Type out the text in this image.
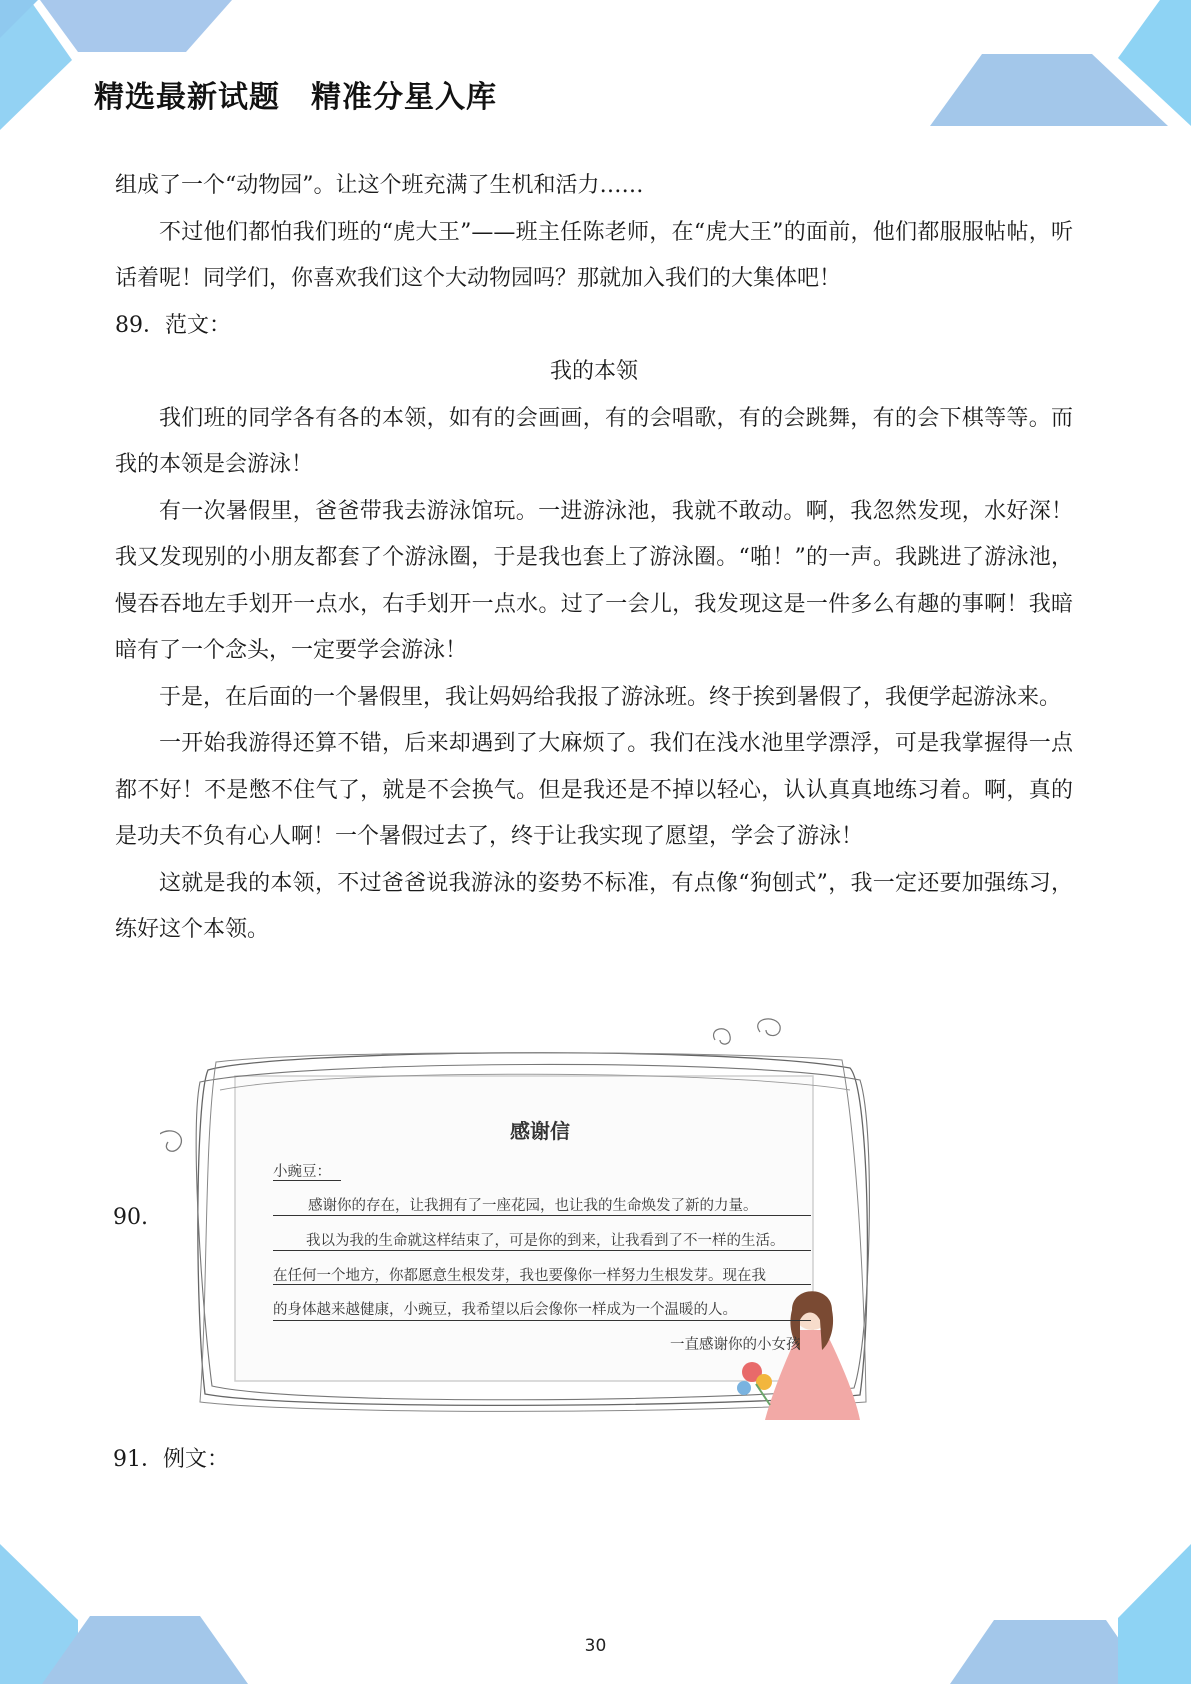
精选最新试题　精准分星入库

组成了一个“动物园”。让这个班充满了生机和活力……

不过他们都怕我们班的“虎大王”——班主任陈老师，在“虎大王”的面前，他们都服服帖帖，听话着呢！同学们，你喜欢我们这个大动物园吗？那就加入我们的大集体吧！

89．范文：

我的本领

我们班的同学各有各的本领，如有的会画画，有的会唱歌，有的会跳舞，有的会下棋等等。而我的本领是会游泳！

有一次暑假里，爸爸带我去游泳馆玩。一进游泳池，我就不敢动。啊，我忽然发现，水好深！我又发现别的小朋友都套了个游泳圈，于是我也套上了游泳圈。“啪！”的一声。我跳进了游泳池，慢吞吞地左手划开一点水，右手划开一点水。过了一会儿，我发现这是一件多么有趣的事啊！我暗暗有了一个念头，一定要学会游泳！

于是，在后面的一个暑假里，我让妈妈给我报了游泳班。终于挨到暑假了，我便学起游泳来。

一开始我游得还算不错，后来却遇到了大麻烦了。我们在浅水池里学漂浮，可是我掌握得一点都不好！不是憋不住气了，就是不会换气。但是我还是不掉以轻心，认认真真地练习着。啊，真的是功夫不负有心人啊！一个暑假过去了，终于让我实现了愿望，学会了游泳！

这就是我的本领，不过爸爸说我游泳的姿势不标准，有点像“狗刨式”，我一定还要加强练习，练好这个本领。

90.
感谢信
小豌豆：
感谢你的存在，让我拥有了一座花园，也让我的生命焕发了新的力量。
我以为我的生命就这样结束了，可是你的到来，让我看到了不一样的生活。
在任何一个地方，你都愿意生根发芽，我也要像你一样努力生根发芽。现在我
的身体越来越健康，小豌豆，我希望以后会像你一样成为一个温暖的人。
一直感谢你的小女孩
91．例文：
30
